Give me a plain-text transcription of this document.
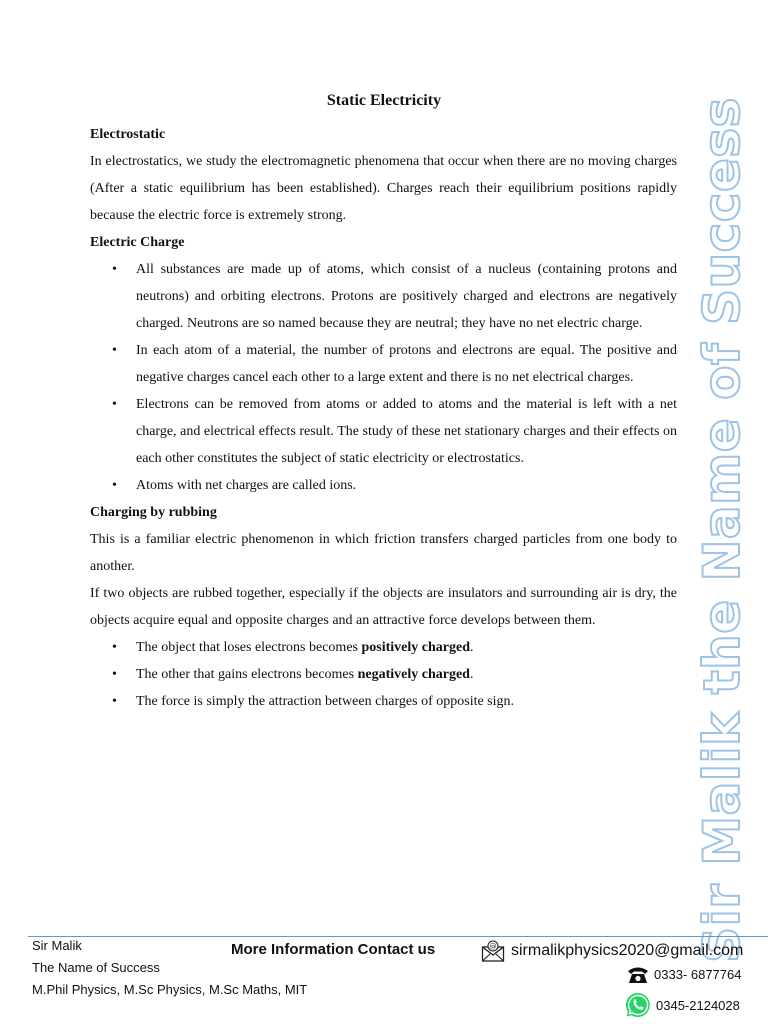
Static Electricity
Electrostatic

In electrostatics, we study the electromagnetic phenomena that occur when there are no moving charges (After a static equilibrium has been established). Charges reach their equilibrium positions rapidly because the electric force is extremely strong.

Electric Charge
• All substances are made up of atoms, which consist of a nucleus (containing protons and neutrons) and orbiting electrons. Protons are positively charged and electrons are negatively charged. Neutrons are so named because they are neutral; they have no net electric charge.
• In each atom of a material, the number of protons and electrons are equal. The positive and negative charges cancel each other to a large extent and there is no net electrical charges.
• Electrons can be removed from atoms or added to atoms and the material is left with a net charge, and electrical effects result. The study of these net stationary charges and their effects on each other constitutes the subject of static electricity or electrostatics.
• Atoms with net charges are called ions.
Charging by rubbing

This is a familiar electric phenomenon in which friction transfers charged particles from one body to another.

If two objects are rubbed together, especially if the objects are insulators and surrounding air is dry, the objects acquire equal and opposite charges and an attractive force develops between them.

• The object that loses electrons becomes positively charged.
• The other that gains electrons becomes negatively charged.
• The force is simply the attraction between charges of opposite sign.	Sir Malik the Name of Success
Sir Malik
The Name of Success
M.Phil Physics, M.Sc Physics, M.Sc Maths, MIT
More Information Contact us	@ sirmalikphysics2020@gmail.com
0333- 6877764
0345-2124028
